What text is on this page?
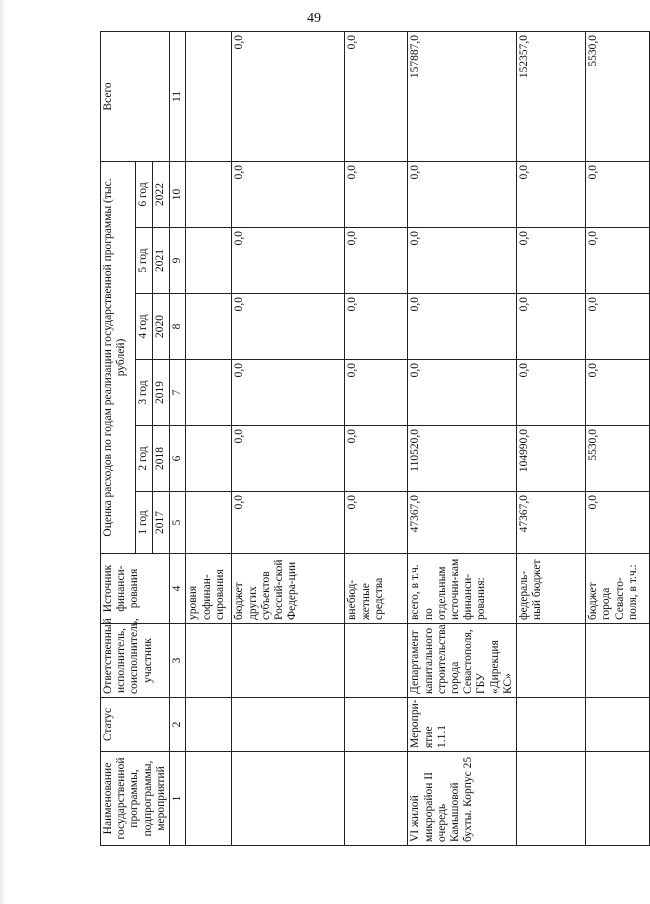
49
Наименование государственной программы, подпрограммы, мероприятий	Статус	Ответственный исполнитель, соисполнитель, участник	Источник финанси-рования	Оценка расходов по годам реализации государственной программы (тыс. рублей)						Всего
				1 год	2 год	3 год	4 год	5 год	6 год	
				2017	2018	2019	2020	2021	2022	
1	2	3	4	5	6	7	8	9	10	11
			уровня софинан-сирования							
			бюджет других субъектов Россий-ской Федера-ции	0,0	0,0	0,0	0,0	0,0	0,0	0,0
			внебюд-жетные средства	0,0	0,0	0,0	0,0	0,0	0,0	0,0
VI жилой микрорайон II очередь Камышовой бухты. Корпус 25	Меропри-ятие 1.1.1	Департамент капитального строительства города Севастополя, ГБУ «Дирекция КС»	всего, в т.ч. по отдельным источни-кам финанси-рования:	47367,0	110520,0	0,0	0,0	0,0	0,0	157887,0
			федераль-ный бюджет	47367,0	104990,0	0,0	0,0	0,0	0,0	152357,0
			бюджет города Севасто-поля, в т.ч.:	0,0	5530,0	0,0	0,0	0,0	0,0	5530,0
